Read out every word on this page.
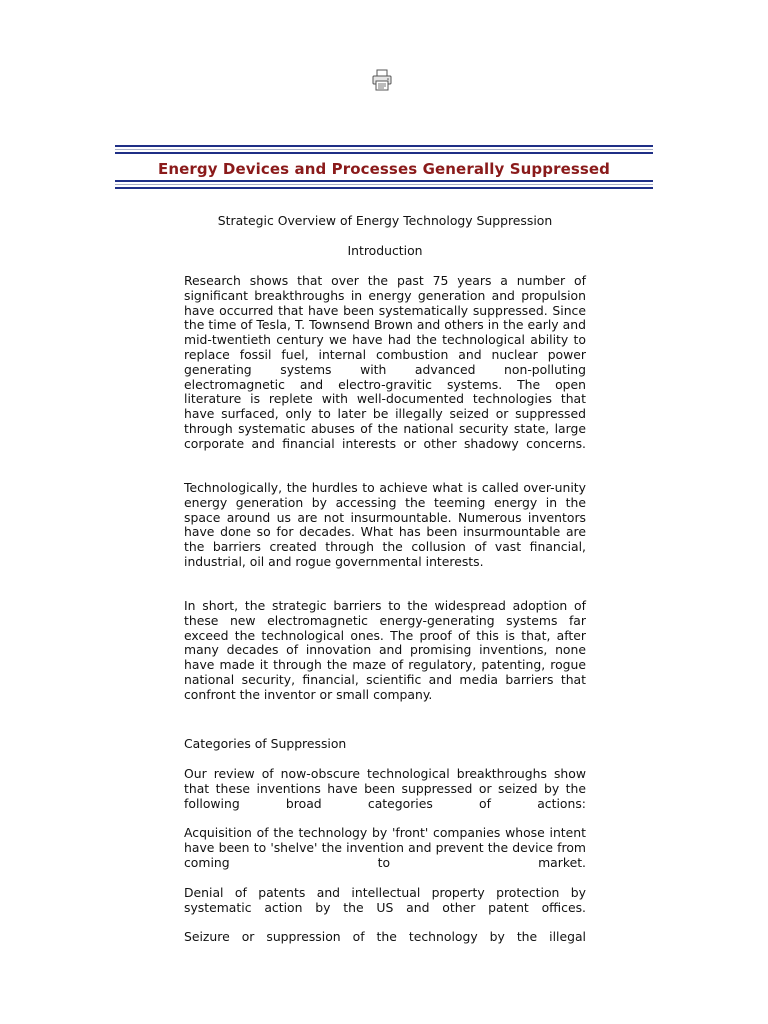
Energy Devices and Processes Generally Suppressed
Strategic Overview of Energy Technology Suppression
Introduction

Research shows that over the past 75 years a number of significant breakthroughs in energy generation and propulsion have occurred that have been systematically suppressed. Since the time of Tesla, T. Townsend Brown and others in the early and mid-twentieth century we have had the technological ability to replace fossil fuel, internal combustion and nuclear power generating systems with advanced non-polluting electromagnetic and electro-gravitic systems. The open literature is replete with well-documented technologies that have surfaced, only to later be illegally seized or suppressed through systematic abuses of the national security state, large corporate and financial interests or other shadowy concerns.

Technologically, the hurdles to achieve what is called over-unity energy generation by accessing the teeming energy in the space around us are not insurmountable. Numerous inventors have done so for decades. What has been insurmountable are the barriers created through the collusion of vast financial, industrial, oil and rogue governmental interests.

In short, the strategic barriers to the widespread adoption of these new electromagnetic energy-generating systems far exceed the technological ones. The proof of this is that, after many decades of innovation and promising inventions, none have made it through the maze of regulatory, patenting, rogue national security, financial, scientific and media barriers that confront the inventor or small company.

Categories of Suppression

Our review of now-obscure technological breakthroughs show that these inventions have been suppressed or seized by the following broad categories of actions:

Acquisition of the technology by 'front' companies whose intent have been to 'shelve' the invention and prevent the device from coming to market.

Denial of patents and intellectual property protection by systematic action by the US and other patent offices.

Seizure or suppression of the technology by the illegal
